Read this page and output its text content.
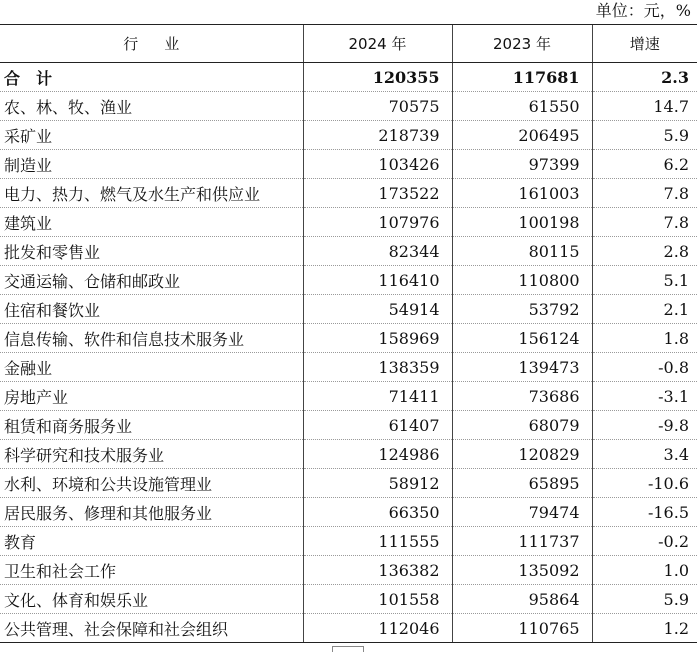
单位：元，%
行业	2024 年	2023 年	增速
合计	120355	117681	2.3
农、林、牧、渔业	70575	61550	14.7
采矿业	218739	206495	5.9
制造业	103426	97399	6.2
电力、热力、燃气及水生产和供应业	173522	161003	7.8
建筑业	107976	100198	7.8
批发和零售业	82344	80115	2.8
交通运输、仓储和邮政业	116410	110800	5.1
住宿和餐饮业	54914	53792	2.1
信息传输、软件和信息技术服务业	158969	156124	1.8
金融业	138359	139473	-0.8
房地产业	71411	73686	-3.1
租赁和商务服务业	61407	68079	-9.8
科学研究和技术服务业	124986	120829	3.4
水利、环境和公共设施管理业	58912	65895	-10.6
居民服务、修理和其他服务业	66350	79474	-16.5
教育	111555	111737	-0.2
卫生和社会工作	136382	135092	1.0
文化、体育和娱乐业	101558	95864	5.9
公共管理、社会保障和社会组织	112046	110765	1.2
